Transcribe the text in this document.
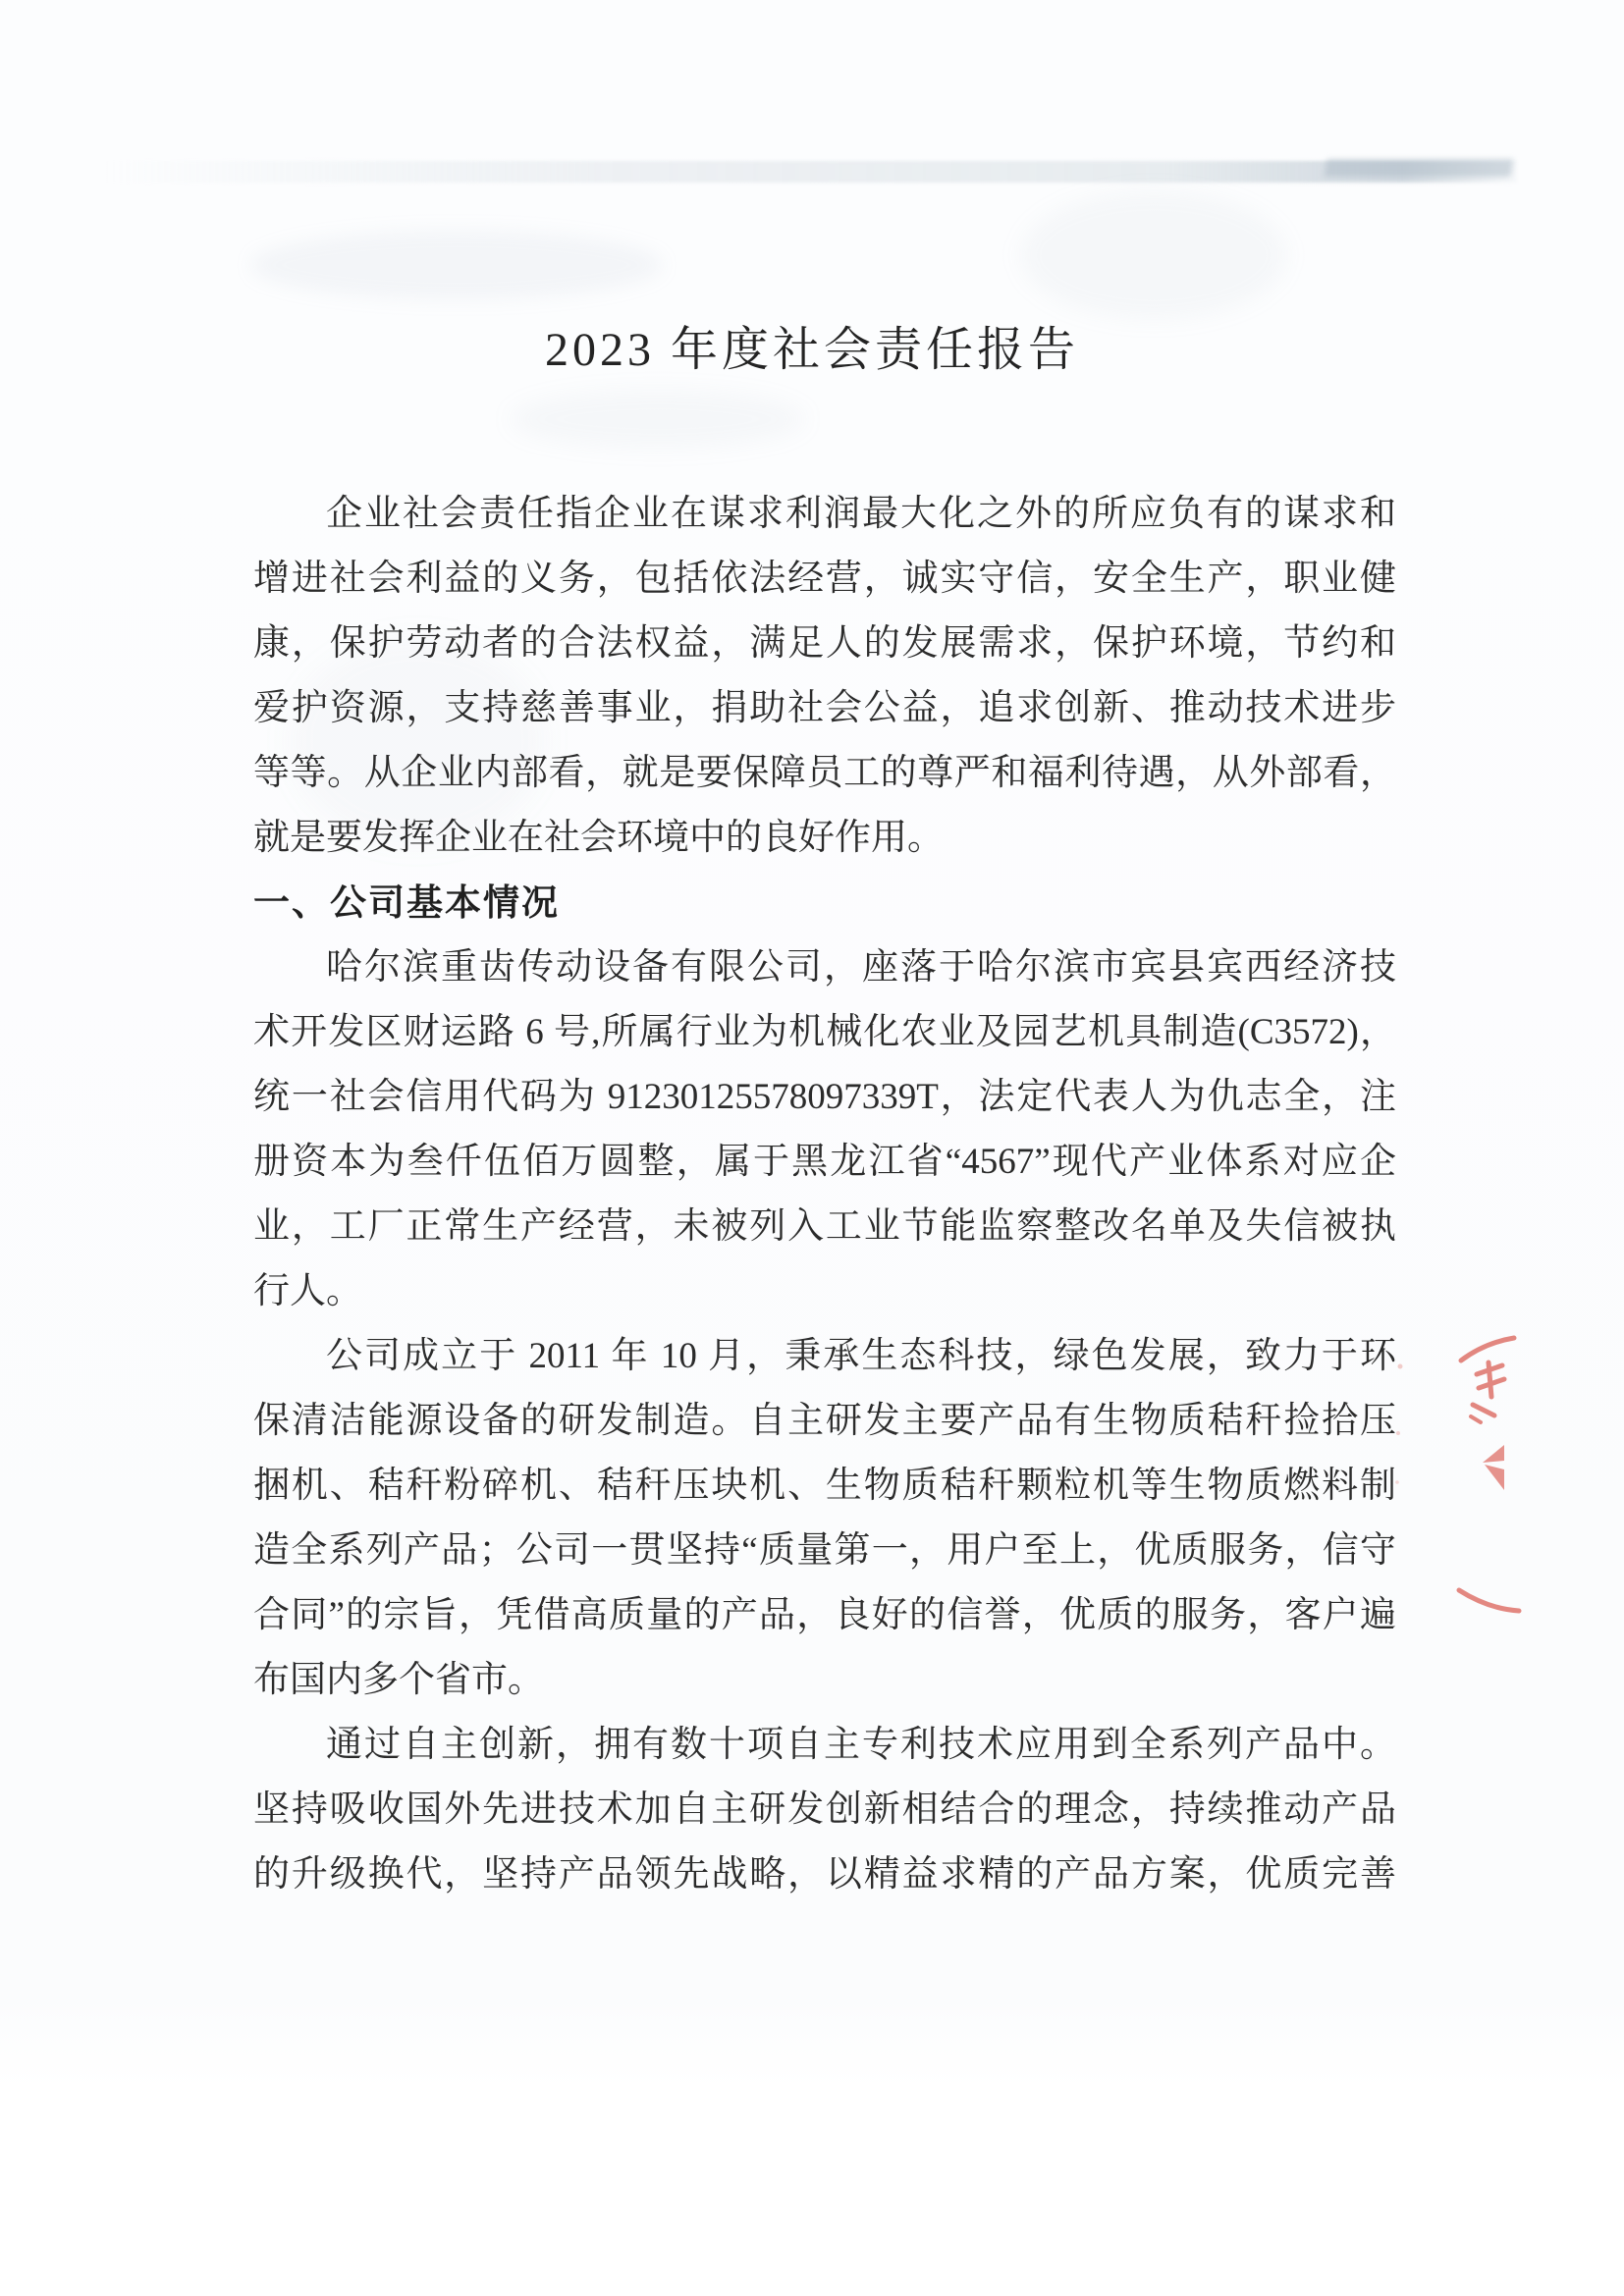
2023 年度社会责任报告
企业社会责任指企业在谋求利润最大化之外的所应负有的谋求和
增进社会利益的义务，包括依法经营，诚实守信，安全生产，职业健
康，保护劳动者的合法权益，满足人的发展需求，保护环境，节约和
爱护资源，支持慈善事业，捐助社会公益，追求创新、推动技术进步
等等。从企业内部看，就是要保障员工的尊严和福利待遇，从外部看，
就是要发挥企业在社会环境中的良好作用。
一、公司基本情况
哈尔滨重齿传动设备有限公司，座落于哈尔滨市宾县宾西经济技
术开发区财运路 6 号,所属行业为机械化农业及园艺机具制造(C3572)，
统一社会信用代码为 91230125578097339T，法定代表人为仇志全，注
册资本为叁仟伍佰万圆整，属于黑龙江省“4567”现代产业体系对应企
业，工厂正常生产经营，未被列入工业节能监察整改名单及失信被执
行人。
公司成立于 2011 年 10 月，秉承生态科技，绿色发展，致力于环
保清洁能源设备的研发制造。自主研发主要产品有生物质秸秆捡拾压
捆机、秸秆粉碎机、秸秆压块机、生物质秸秆颗粒机等生物质燃料制
造全系列产品；公司一贯坚持“质量第一，用户至上，优质服务，信守
合同”的宗旨，凭借高质量的产品，良好的信誉，优质的服务，客户遍
布国内多个省市。
通过自主创新，拥有数十项自主专利技术应用到全系列产品中。
坚持吸收国外先进技术加自主研发创新相结合的理念，持续推动产品
的升级换代，坚持产品领先战略，以精益求精的产品方案，优质完善
